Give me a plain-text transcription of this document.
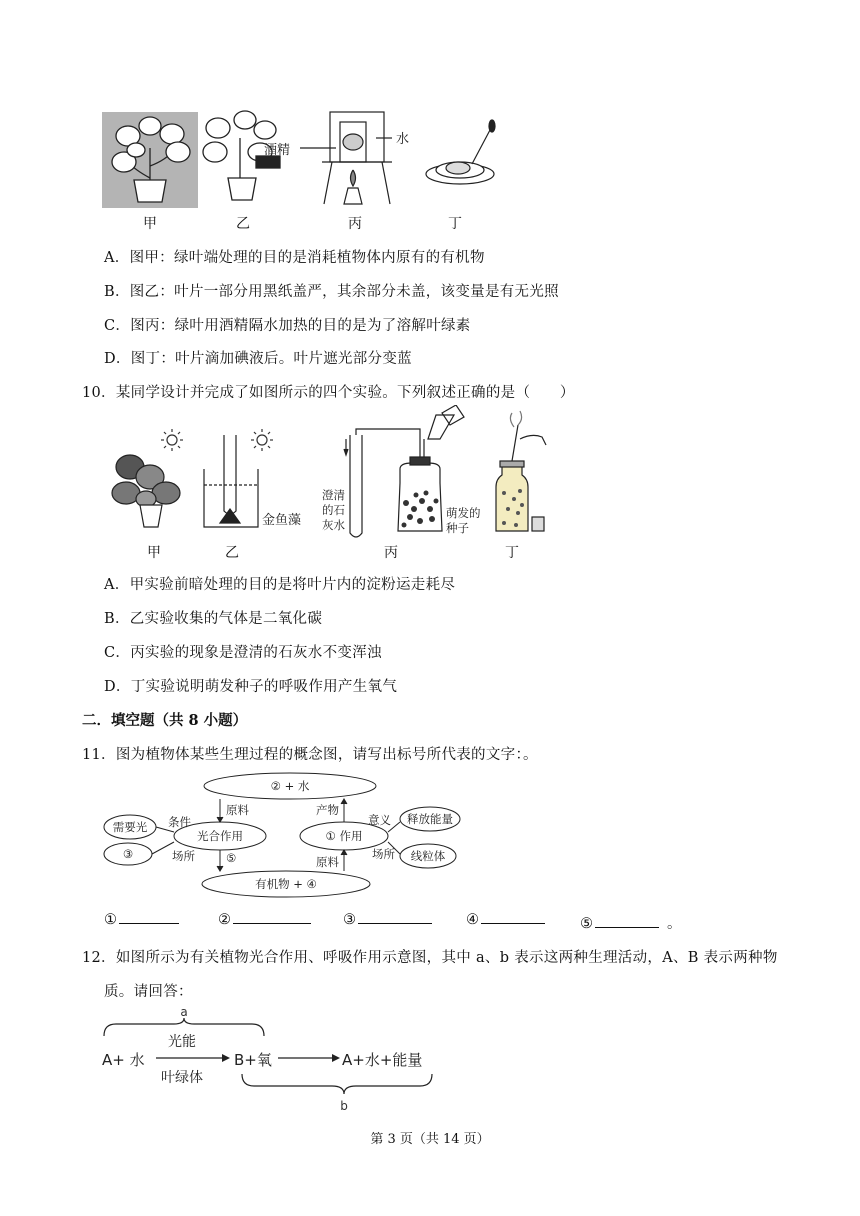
酒精
水
甲	乙	丙	丁
A．图甲：绿叶端处理的目的是消耗植物体内原有的有机物
B．图乙：叶片一部分用黑纸盖严，其余部分未盖，该变量是有无光照
C．图丙：绿叶用酒精隔水加热的目的是为了溶解叶绿素
D．图丁：叶片滴加碘液后。叶片遮光部分变蓝
10．某同学设计并完成了如图所示的四个实验。下列叙述正确的是（　　）
金鱼藻
澄清
的石
灰水
萌发的
种子
甲	乙	丙	丁
A．甲实验前暗处理的目的是将叶片内的淀粉运走耗尽
B．乙实验收集的气体是二氧化碳
C．丙实验的现象是澄清的石灰水不变浑浊
D．丁实验说明萌发种子的呼吸作用产生氧气
二．填空题（共 8 小题）
11．图为植物体某些生理过程的概念图，请写出标号所代表的文字：。
② + 水
光合作用	① 作用
有机物 + ④
需要光
③
释放能量
线粒体
条件
场所
原料	产物
意义
⑤	原料
场所
①	②	③	④	⑤	。
12．如图所示为有关植物光合作用、呼吸作用示意图，其中 a、b 表示这两种生理活动，A、B 表示两种物
质。请回答：
a
A+ 水
光能
叶绿体
B+氧	A+水+能量
b
第 3 页（共 14 页）
